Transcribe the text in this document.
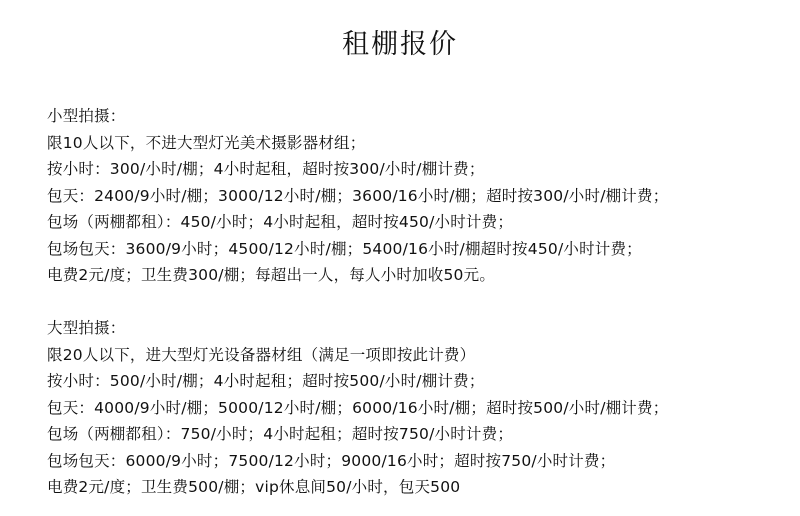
租棚报价
小型拍摄：
限10人以下，不进大型灯光美术摄影器材组；
按小时：300/小时/棚；4小时起租，超时按300/小时/棚计费；
包天：2400/9小时/棚；3000/12小时/棚；3600/16小时/棚；超时按300/小时/棚计费；
包场（两棚都租）：450/小时；4小时起租，超时按450/小时计费；
包场包天：3600/9小时；4500/12小时/棚；5400/16小时/棚超时按450/小时计费；
电费2元/度；卫生费300/棚；每超出一人，每人小时加收50元。
大型拍摄：
限20人以下，进大型灯光设备器材组（满足一项即按此计费）
按小时：500/小时/棚；4小时起租；超时按500/小时/棚计费；
包天：4000/9小时/棚；5000/12小时/棚；6000/16小时/棚；超时按500/小时/棚计费；
包场（两棚都租）：750/小时；4小时起租；超时按750/小时计费；
包场包天：6000/9小时；7500/12小时；9000/16小时；超时按750/小时计费；
电费2元/度；卫生费500/棚；vip休息间50/小时，包天500
